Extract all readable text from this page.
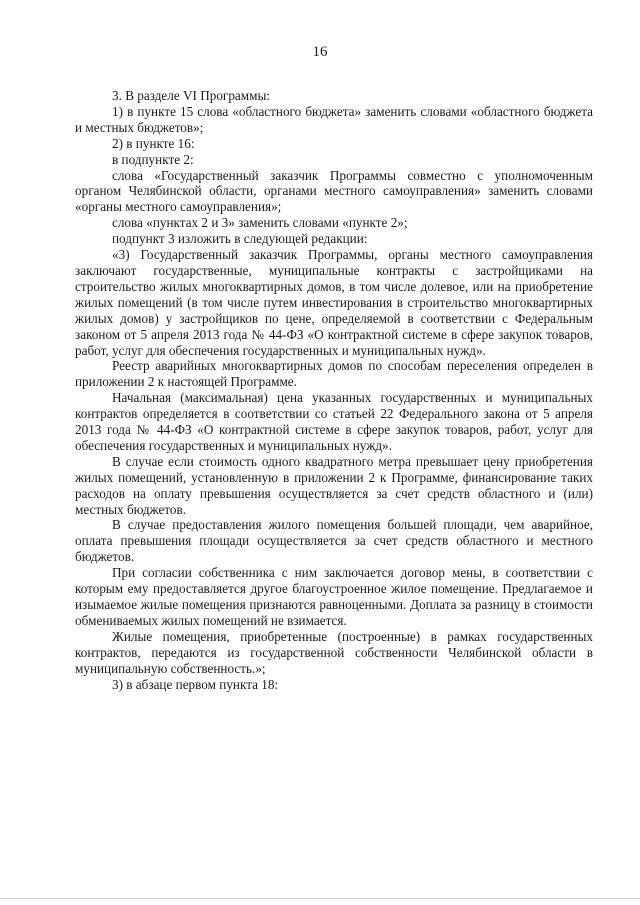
16

3. В разделе VI Программы:

1) в пункте 15 слова «областного бюджета» заменить словами «областного бюджета и местных бюджетов»;

2) в пункте 16:

в подпункте 2:

слова «Государственный заказчик Программы совместно с уполномоченным органом Челябинской области, органами местного самоуправления» заменить словами «органы местного самоуправления»;

слова «пунктах 2 и 3» заменить словами «пункте 2»;

подпункт 3 изложить в следующей редакции:

«3) Государственный заказчик Программы, органы местного самоуправления заключают государственные, муниципальные контракты с застройщиками на строительство жилых многоквартирных домов, в том числе долевое, или на приобретение жилых помещений (в том числе путем инвестирования в строительство многоквартирных жилых домов) у застройщиков по цене, определяемой в соответствии с Федеральным законом от 5 апреля 2013 года № 44-ФЗ «О контрактной системе в сфере закупок товаров, работ, услуг для обеспечения государственных и муниципальных нужд».

Реестр аварийных многоквартирных домов по способам переселения определен в приложении 2 к настоящей Программе.

Начальная (максимальная) цена указанных государственных и муниципальных контрактов определяется в соответствии со статьей 22 Федерального закона от 5 апреля 2013 года № 44-ФЗ «О контрактной системе в сфере закупок товаров, работ, услуг для обеспечения государственных и муниципальных нужд».

В случае если стоимость одного квадратного метра превышает цену приобретения жилых помещений, установленную в приложении 2 к Программе, финансирование таких расходов на оплату превышения осуществляется за счет средств областного и (или) местных бюджетов.

В случае предоставления жилого помещения большей площади, чем аварийное, оплата превышения площади осуществляется за счет средств областного и местного бюджетов.

При согласии собственника с ним заключается договор мены, в соответствии с которым ему предоставляется другое благоустроенное жилое помещение. Предлагаемое и изымаемое жилые помещения признаются равноценными. Доплата за разницу в стоимости обмениваемых жилых помещений не взимается.

Жилые помещения, приобретенные (построенные) в рамках государственных контрактов, передаются из государственной собственности Челябинской области в муниципальную собственность.»;

3) в абзаце первом пункта 18:
